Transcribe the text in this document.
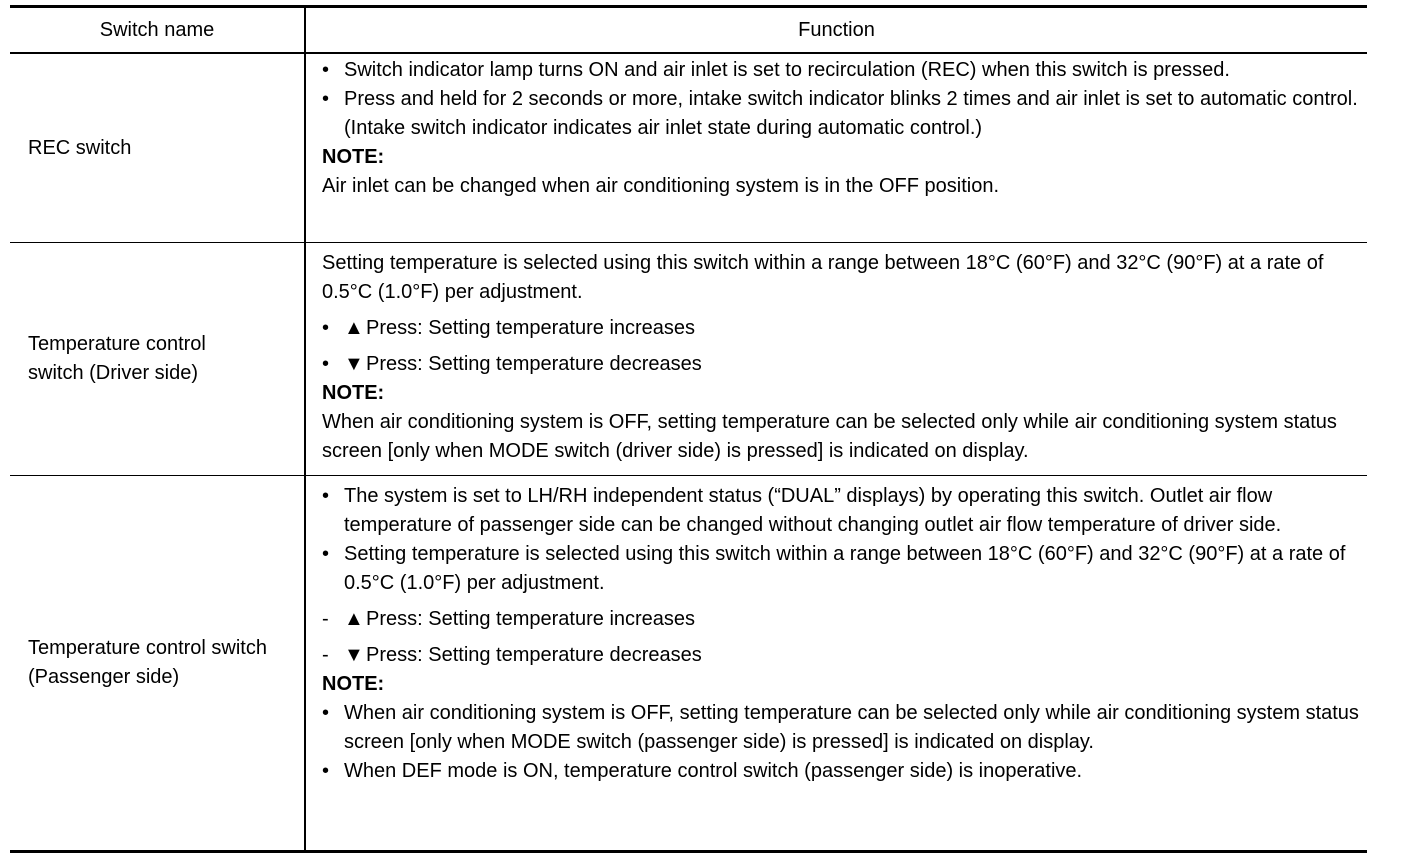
Switch name	Function
REC switch
• Switch indicator lamp turns ON and air inlet is set to recirculation (REC) when this switch is pressed.
• Press and held for 2 seconds or more, intake switch indicator blinks 2 times and air inlet is set to automatic control. (Intake switch indicator indicates air inlet state during automatic control.)
NOTE:
Air inlet can be changed when air conditioning system is in the OFF position.
Temperature control switch (Driver side)
Setting temperature is selected using this switch within a range between 18°C (60°F) and 32°C (90°F) at a rate of 0.5°C (1.0°F) per adjustment.
• ▲ Press: Setting temperature increases
• ▼ Press: Setting temperature decreases
NOTE:
When air conditioning system is OFF, setting temperature can be selected only while air conditioning system status screen [only when MODE switch (driver side) is pressed] is indicated on display.
Temperature control switch (Passenger side)
• The system is set to LH/RH independent status (“DUAL” displays) by operating this switch. Outlet air flow temperature of passenger side can be changed without changing outlet air flow temperature of driver side.
• Setting temperature is selected using this switch within a range between 18°C (60°F) and 32°C (90°F) at a rate of 0.5°C (1.0°F) per adjustment.
- ▲ Press: Setting temperature increases
- ▼ Press: Setting temperature decreases
NOTE:
• When air conditioning system is OFF, setting temperature can be selected only while air conditioning system status screen [only when MODE switch (passenger side) is pressed] is indicated on display.
• When DEF mode is ON, temperature control switch (passenger side) is inoperative.
